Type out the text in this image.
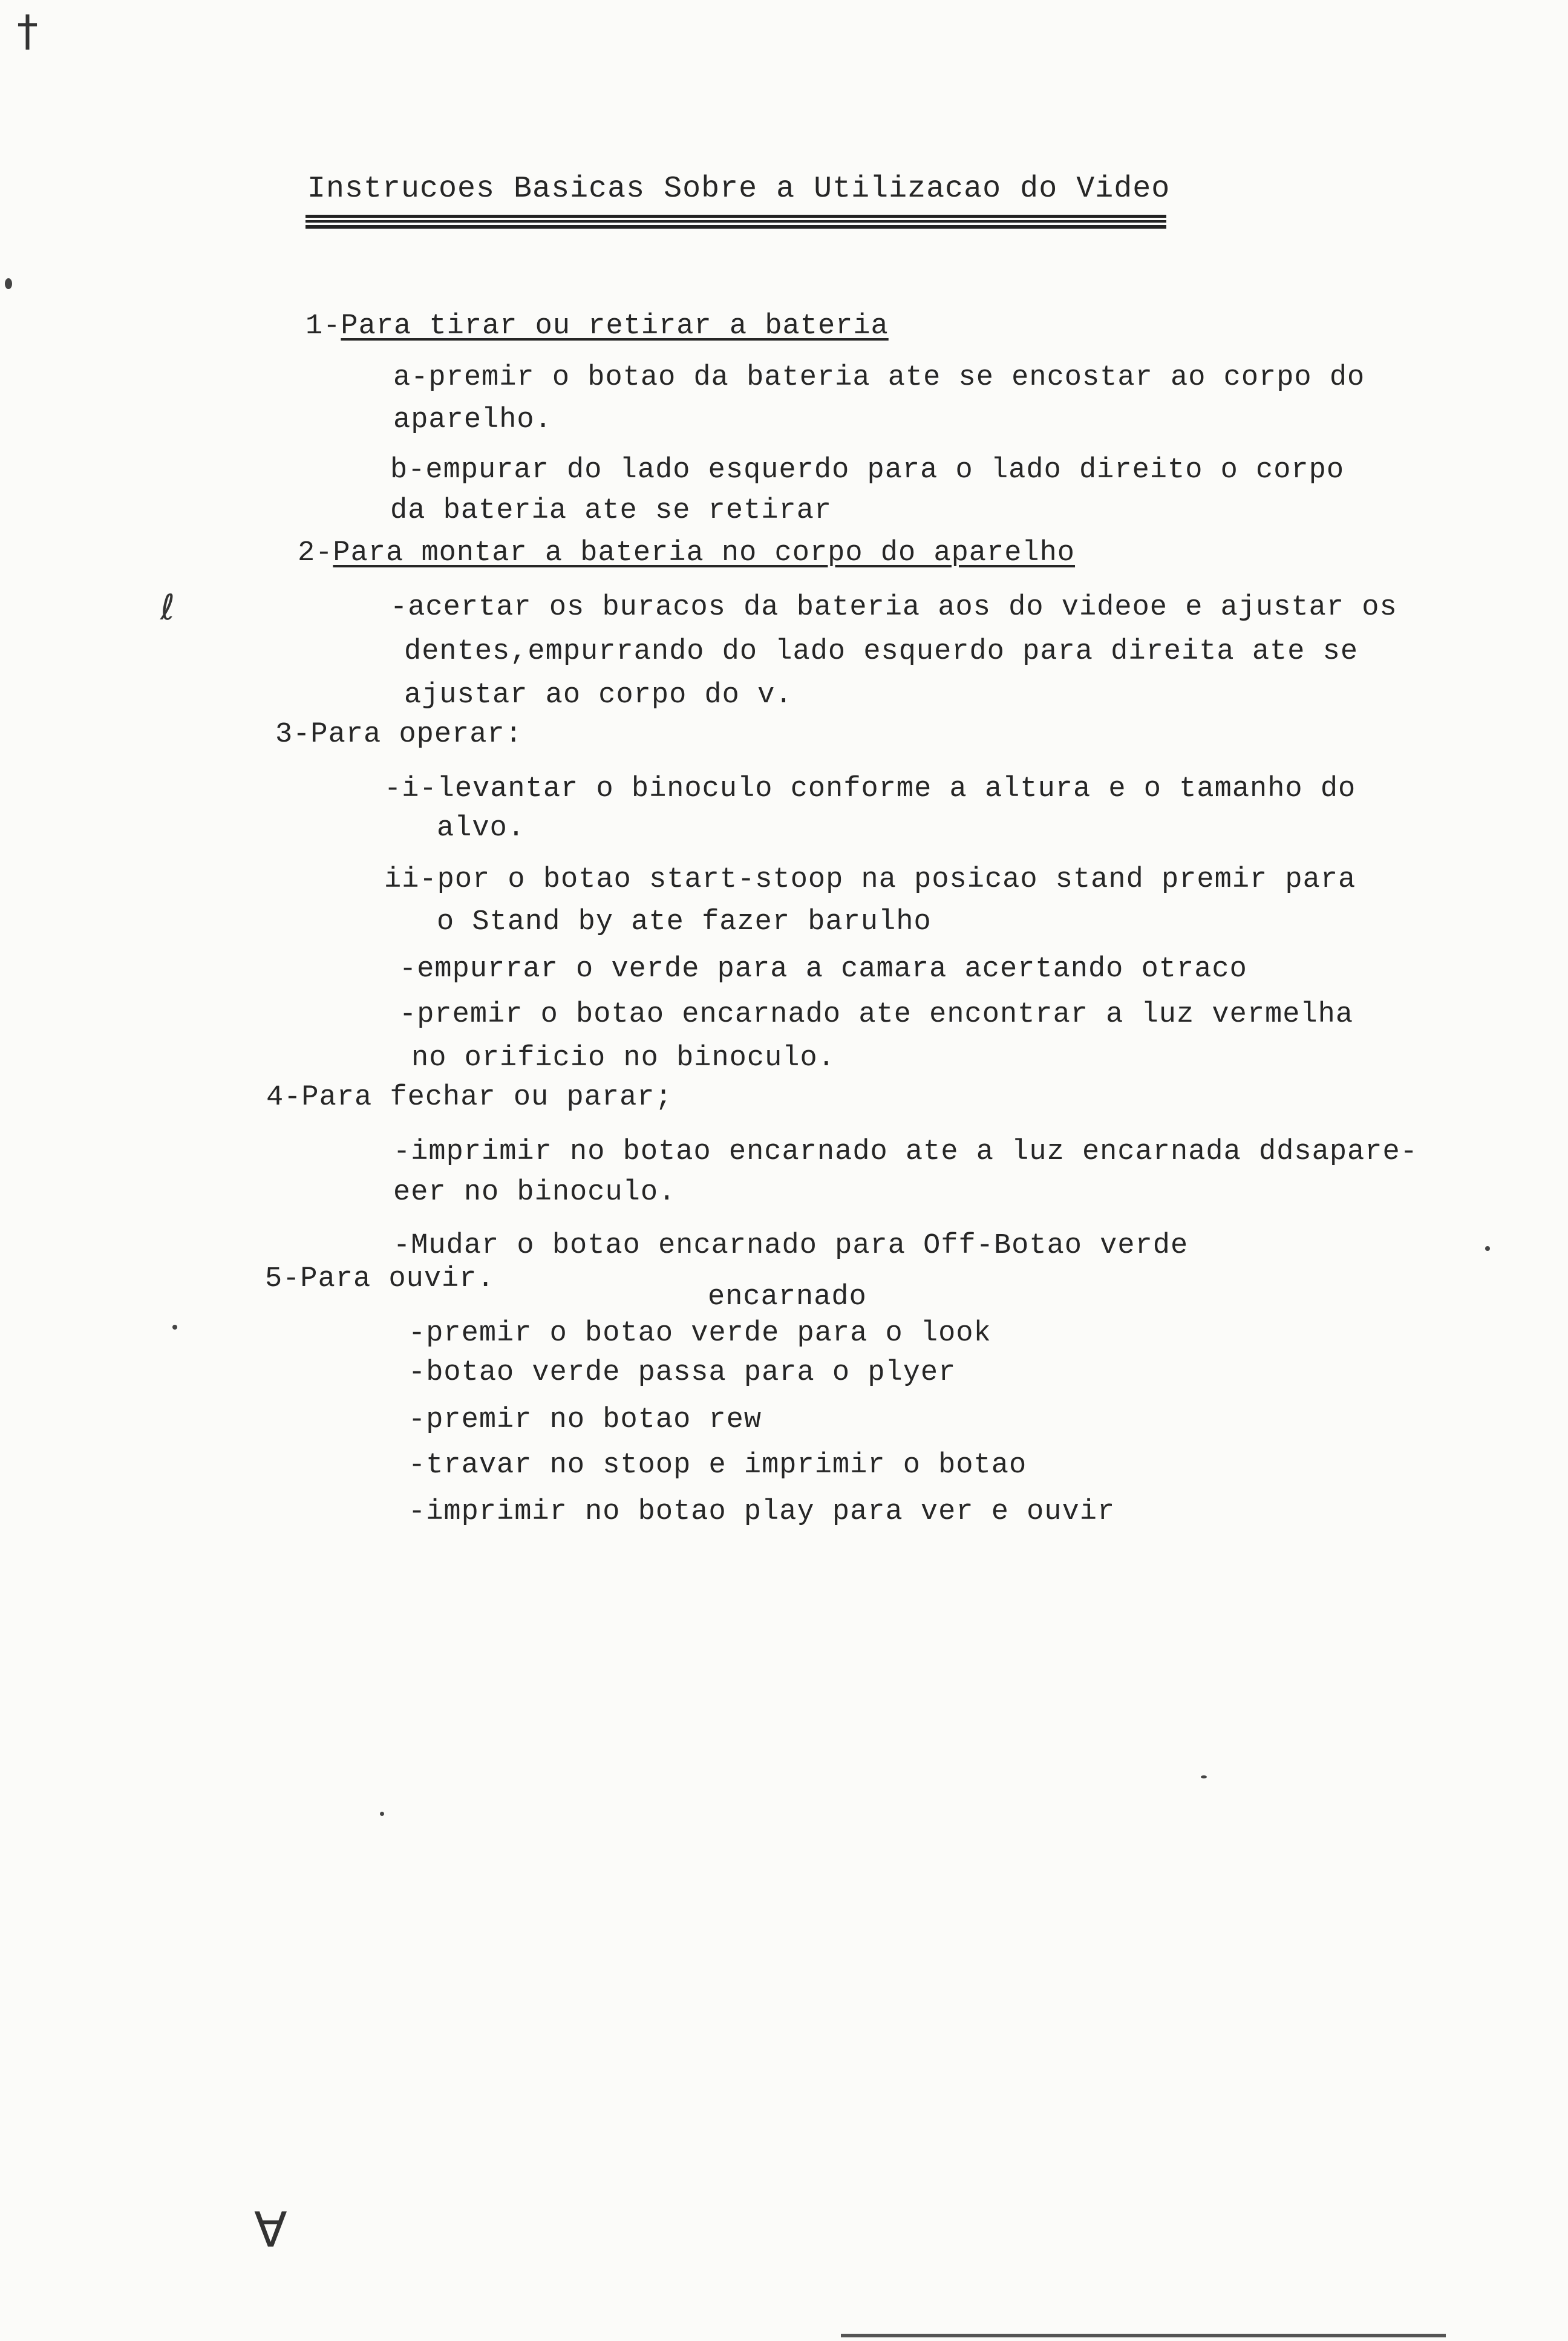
Instrucoes Basicas Sobre a Utilizacao do Video
1-Para tirar ou retirar a bateria
a-premir o botao da bateria ate se encostar ao corpo do
aparelho.
b-empurar do lado esquerdo para o lado direito o corpo
da bateria ate se retirar
2-Para montar a bateria no corpo do aparelho
-acertar os buracos da bateria aos do videoe e ajustar os
dentes,empurrando do lado esquerdo para direita ate se
ajustar ao corpo do v.
3-Para operar:
-i-levantar o binoculo conforme a altura e o tamanho do
alvo.
ii-por o botao start-stoop na posicao stand premir para
o Stand by ate fazer barulho
-empurrar o verde para a camara acertando otraco
-premir o botao encarnado ate encontrar a luz vermelha
no orificio no binoculo.
4-Para fechar ou parar;
-imprimir no botao encarnado ate a luz encarnada ddsapare-
eer no binoculo.
-Mudar o botao encarnado para Off-Botao verde
5-Para ouvir.
encarnado
-premir o botao verde para o look
-botao verde passa para o plyer
-premir no botao rew
-travar no stoop e imprimir o botao
-imprimir no botao play para ver e ouvir
†
ℓ
∀
